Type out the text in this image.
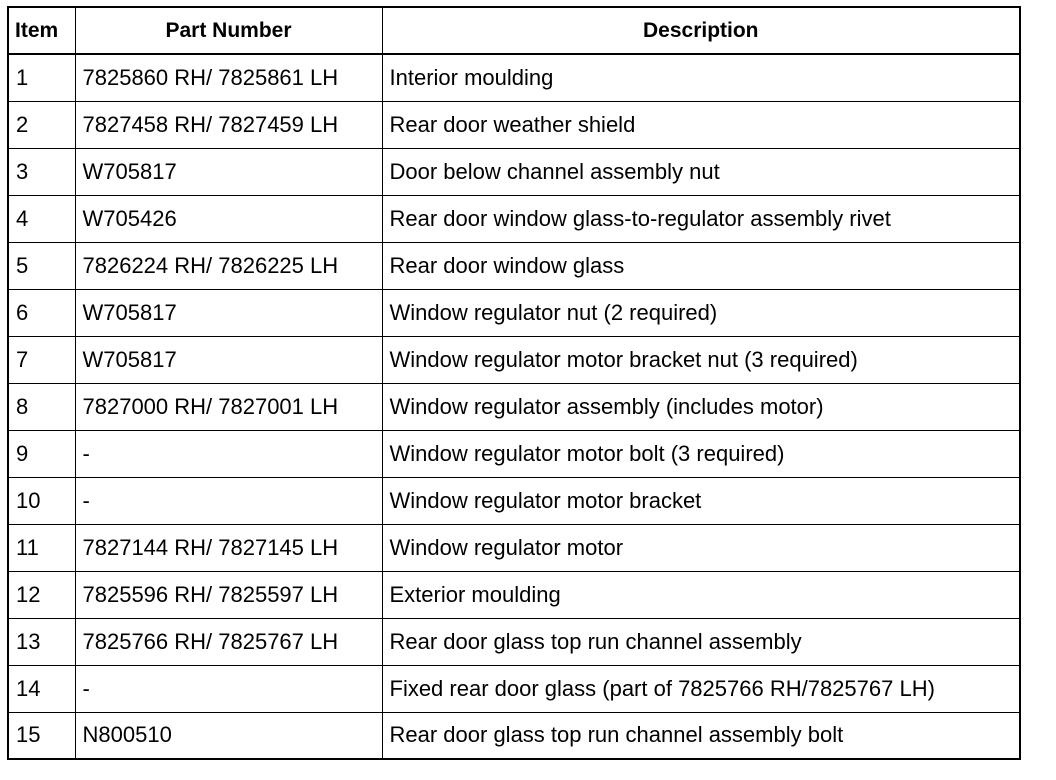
Item	Part Number	Description
1	7825860 RH/ 7825861 LH	Interior moulding
2	7827458 RH/ 7827459 LH	Rear door weather shield
3	W705817	Door below channel assembly nut
4	W705426	Rear door window glass-to-regulator assembly rivet
5	7826224 RH/ 7826225 LH	Rear door window glass
6	W705817	Window regulator nut (2 required)
7	W705817	Window regulator motor bracket nut (3 required)
8	7827000 RH/ 7827001 LH	Window regulator assembly (includes motor)
9	-	Window regulator motor bolt (3 required)
10	-	Window regulator motor bracket
11	7827144 RH/ 7827145 LH	Window regulator motor
12	7825596 RH/ 7825597 LH	Exterior moulding
13	7825766 RH/ 7825767 LH	Rear door glass top run channel assembly
14	-	Fixed rear door glass (part of 7825766 RH/7825767 LH)
15	N800510	Rear door glass top run channel assembly bolt
